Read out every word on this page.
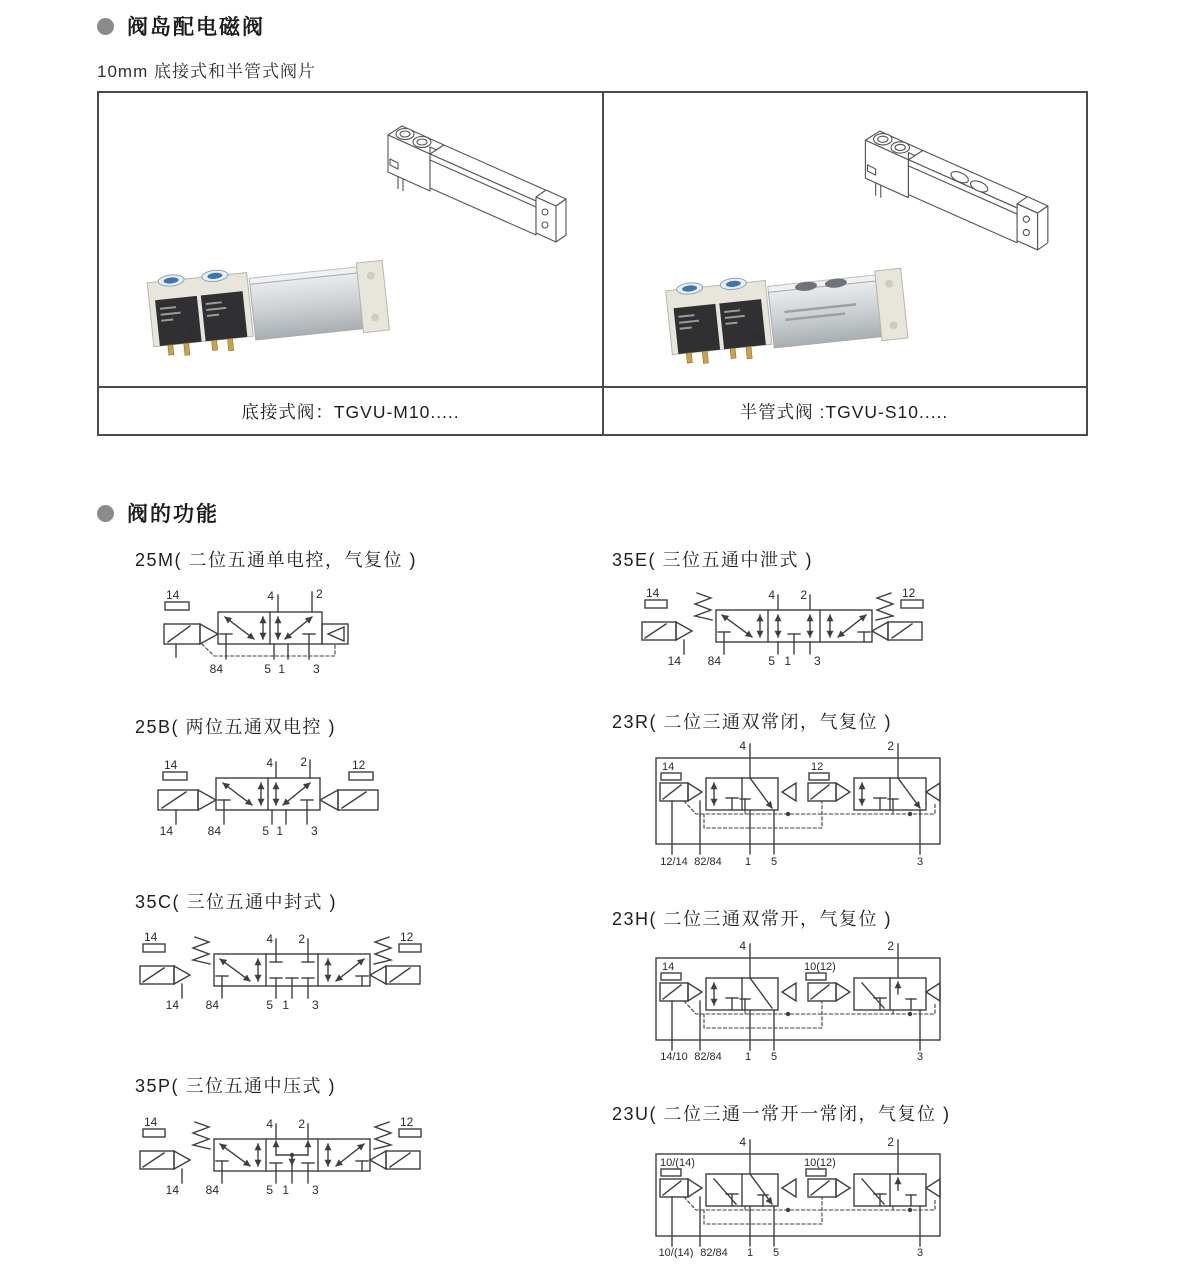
阀岛配电磁阀
10mm 底接式和半管式阀片
CE
CE
CE
CE
底接式阀：TGVU-M10.....	半管式阀 :TGVU-S10.....
阀的功能
25M( 二位五通单电控，气复位 )
14	4	2
84	5 1 3
35E( 三位五通中泄式 )
14	12
4 2
14 84	5 1 3
25B( 两位五通双电控 )
14	12
4 2
14	84	5 1 3
23R( 二位三通双常闭，气复位 )
14	12
4	2
12/14 82/84 1 5	3
35C( 三位五通中封式 )
14	12
4 2
14 84	5 1 3
23H( 二位三通双常开，气复位 )
14	10(12)
4	2
14/10 82/84 1 5	3
35P( 三位五通中压式 )
14	12
4 2
14 84	5 1 3
23U( 二位三通一常开一常闭，气复位 )
10/(14)	10(12)
4	2
10/(14) 82/84 1 5	3
